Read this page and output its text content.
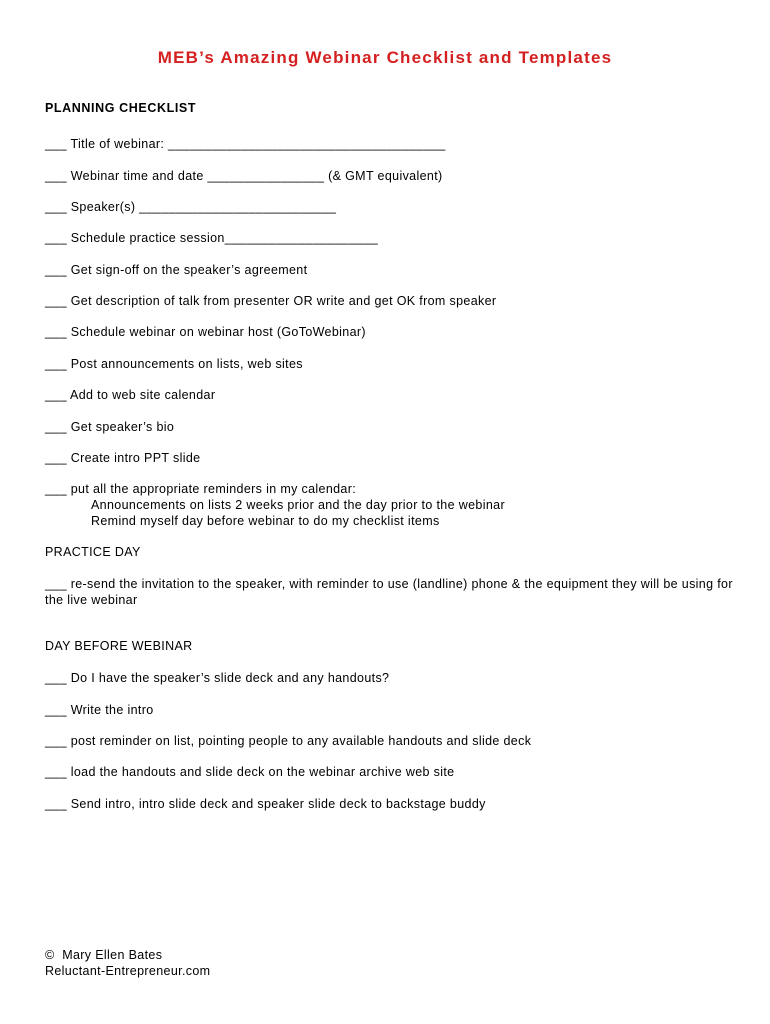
MEB’s Amazing Webinar Checklist and Templates
PLANNING CHECKLIST
___ Title of webinar: ______________________________________
___ Webinar time and date ________________ (& GMT equivalent)
___ Speaker(s) ___________________________
___ Schedule practice session_____________________
___ Get sign-off on the speaker’s agreement
___ Get description of talk from presenter OR write and get OK from speaker
___ Schedule webinar on webinar host (GoToWebinar)
___ Post announcements on lists, web sites
___ Add to web site calendar
___ Get speaker’s bio
___ Create intro PPT slide
___ put all the appropriate reminders in my calendar:
Announcements on lists 2 weeks prior and the day prior to the webinar
Remind myself day before webinar to do my checklist items
PRACTICE DAY
___ re-send the invitation to the speaker, with reminder to use (landline) phone & the equipment they will be using for the live webinar
DAY BEFORE WEBINAR
___ Do I have the speaker’s slide deck and any handouts?
___ Write the intro
___ post reminder on list, pointing people to any available handouts and slide deck
___ load the handouts and slide deck on the webinar archive web site
___ Send intro, intro slide deck and speaker slide deck to backstage buddy
©  Mary Ellen Bates
Reluctant-Entrepreneur.com
